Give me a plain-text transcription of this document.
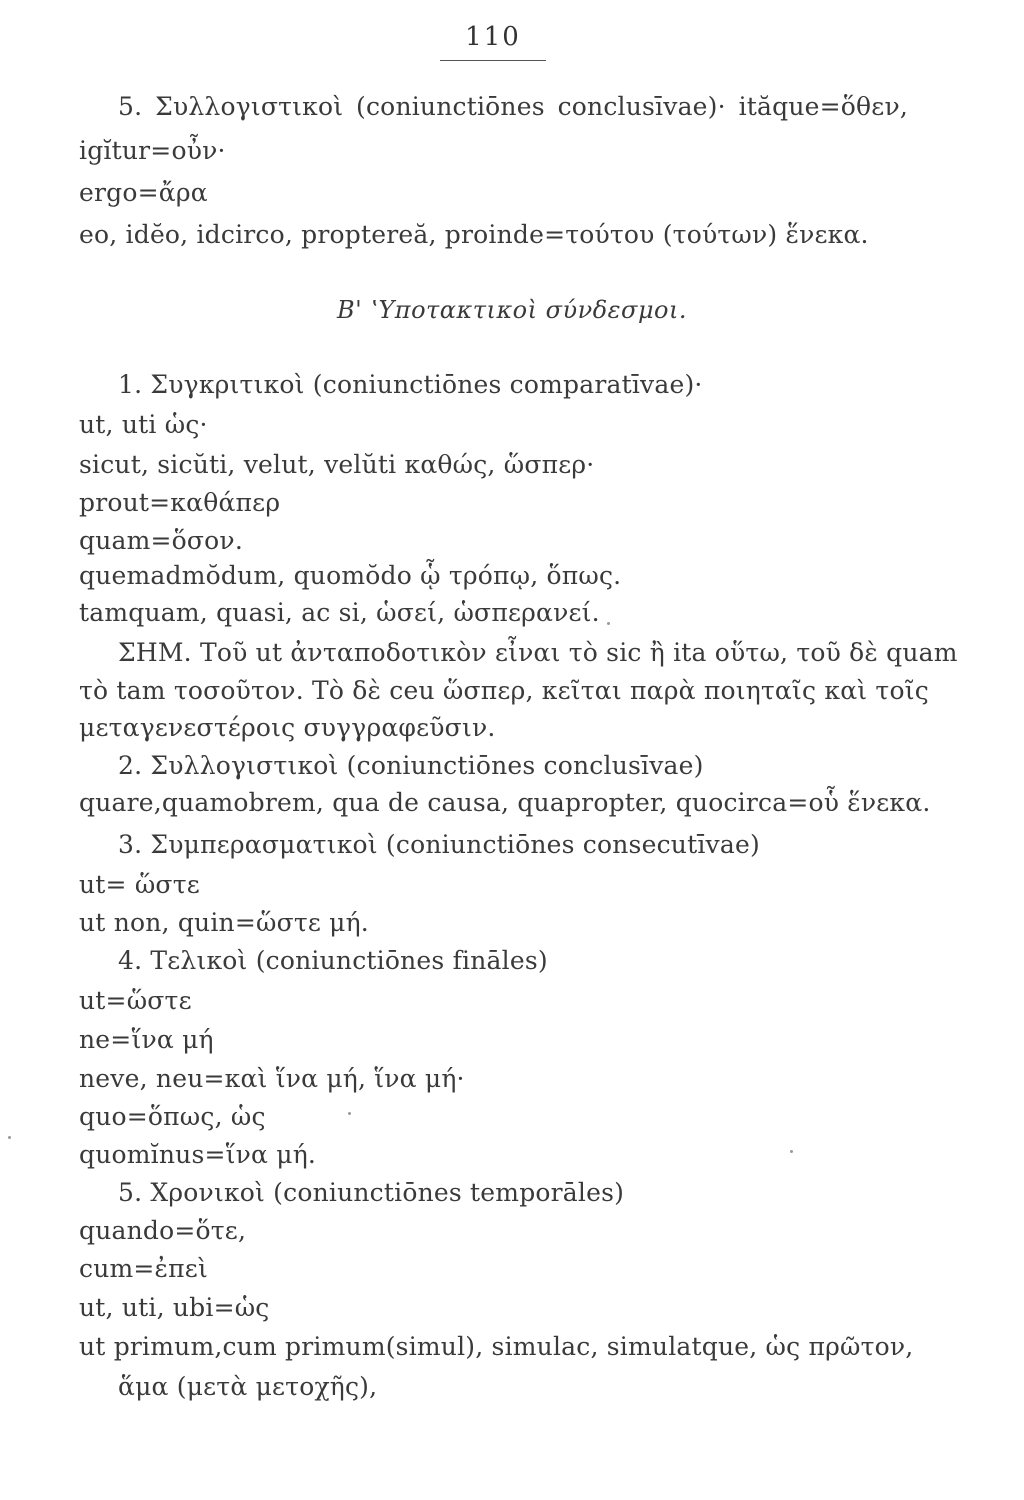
110
5. Συλλογιστικοὶ (coniunctiōnes conclusīvae)· ităque=ὅθεν,
igĭtur=οὖν·
ergo=ἄρα
eo, idĕo, idcirco, proptereă, proinde=τούτου (τούτων) ἕνεκα.
B' ʽΥποτακτικοὶ σύνδεσμοι.
1. Συγκριτικοὶ (coniunctiōnes comparatīvae)·
ut, uti ὡς·
sicut, sicŭti, velut, velŭti καθώς, ὥσπερ·
prout=καθάπερ
quam=ὅσον.
quemadmŏdum, quomŏdo ᾧ τρόπῳ, ὅπως.
tamquam, quasi, ac si, ὡσεί, ὡσπερανεί.
ΣΗΜ. Τοῦ ut ἀνταποδοτικὸν εἶναι τὸ sic ἢ ita οὕτω, τοῦ δὲ quam
τὸ tam τοσοῦτον. Τὸ δὲ ceu ὥσπερ, κεῖται παρὰ ποιηταῖς καὶ τοῖς
μεταγενεστέροις συγγραφεῦσιν.
2. Συλλογιστικοὶ (coniunctiōnes conclusīvae)
quare,quamobrem, qua de causa, quapropter, quocirca=οὗ ἕνεκα.
3. Συμπερασματικοὶ (coniunctiōnes consecutīvae)
ut= ὥστε
ut non, quin=ὥστε μή.
4. Τελικοὶ (coniunctiōnes fināles)
ut=ὥστε
ne=ἵνα μή
neve, neu=καὶ ἵνα μή, ἵνα μή·
quo=ὅπως, ὡς
quomĭnus=ἵνα μή.
5. Χρονικοὶ (coniunctiōnes temporāles)
quando=ὅτε,
cum=ἐπεὶ
ut, uti, ubi=ὡς
ut primum,cum primum(simul), simulac, simulatque, ὡς πρῶτον,
ἅμα (μετὰ μετοχῆς),
